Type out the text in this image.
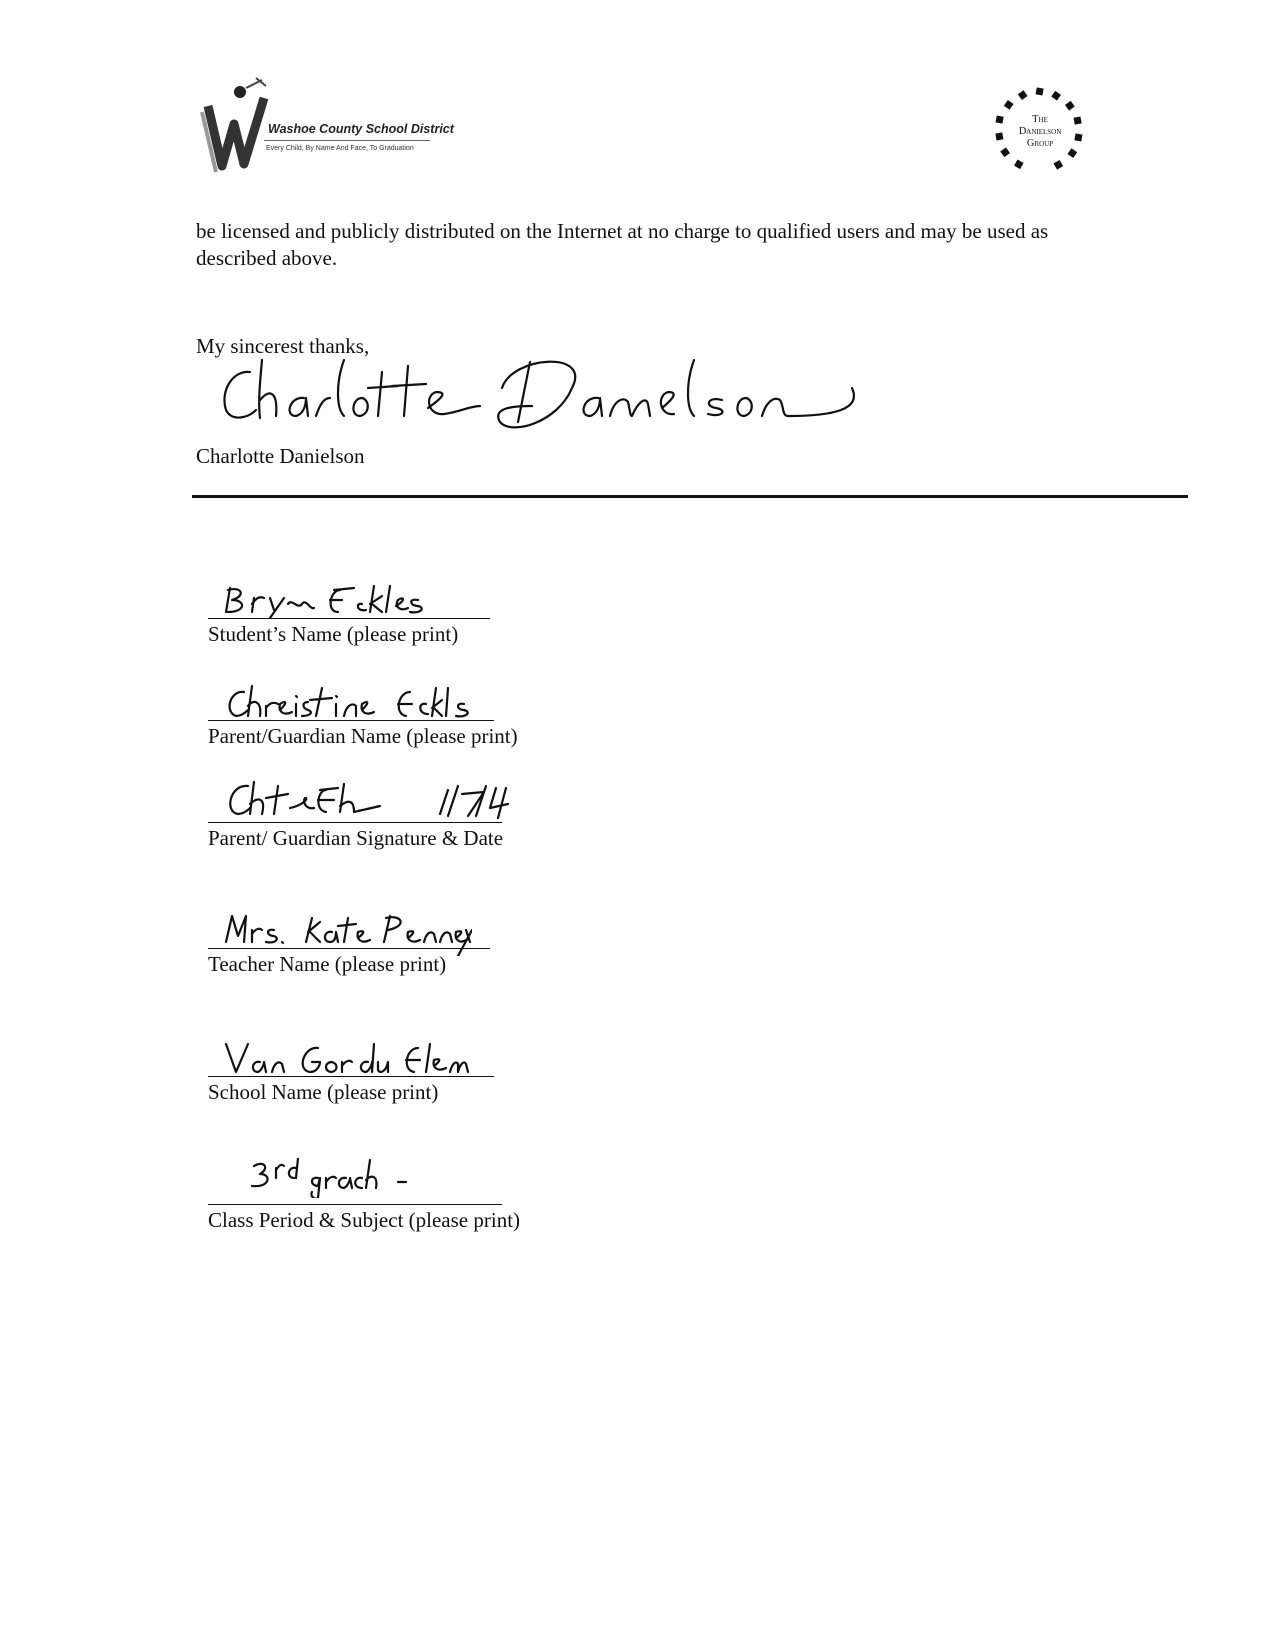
Washoe County School District
Every Child, By Name And Face, To Graduation
The
Danielson
Group

be licensed and publicly distributed on the Internet at no charge to qualified users and may be used as described above.

My sincerest thanks,

Charlotte Danielson

Student’s Name (please print)
Parent/Guardian Name (please print)
Parent/ Guardian Signature & Date
Teacher Name (please print)
School Name (please print)
Class Period & Subject (please print)
